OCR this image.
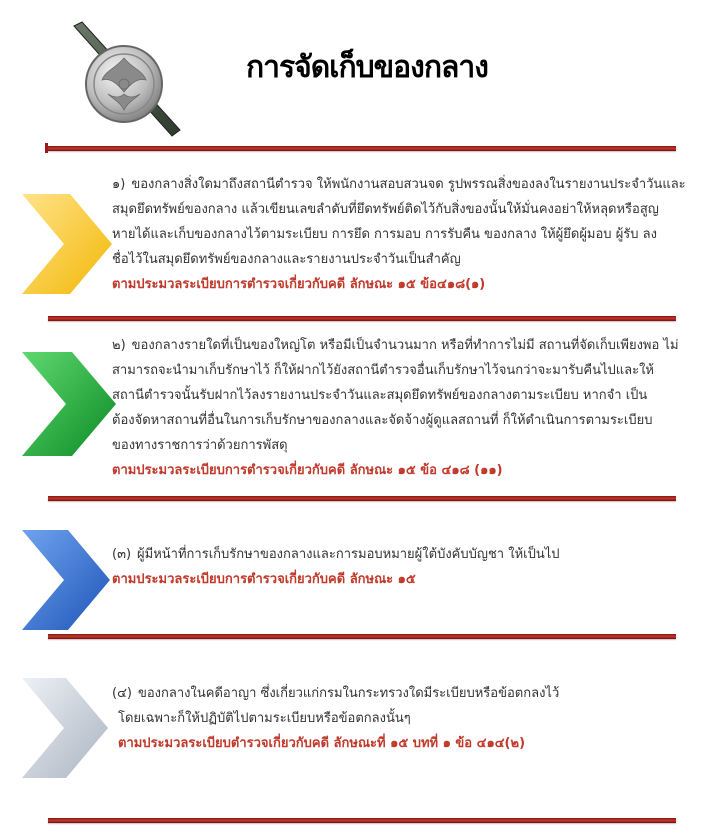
การจัดเก็บของกลาง
๑) ของกลางสิ่งใดมาถึงสถานีตำรวจ ให้พนักงานสอบสวนจด รูปพรรณสิ่งของลงในรายงานประจำวันและ
สมุดยึดทรัพย์ของกลาง แล้วเขียนเลขลำดับที่ยึดทรัพย์ติดไว้กับสิ่งของนั้นให้มั่นคงอย่าให้หลุดหรือสูญ
หายได้และเก็บของกลางไว้ตามระเบียบ การยึด การมอบ การรับคืน ของกลาง ให้ผู้ยึดผู้มอบ ผู้รับ ลง
ชื่อไว้ในสมุดยึดทรัพย์ของกลางและรายงานประจำวันเป็นสำคัญ
ตามประมวลระเบียบการตำรวจเกี่ยวกับคดี ลักษณะ ๑๕ ข้อ๔๑๘(๑)
๒) ของกลางรายใดที่เป็นของใหญ่โต หรือมีเป็นจำนวนมาก หรือที่ทำการไม่มี สถานที่จัดเก็บเพียงพอ ไม่
สามารถจะนำมาเก็บรักษาไว้ ก็ให้ฝากไว้ยังสถานีตำรวจอื่นเก็บรักษาไว้จนกว่าจะมารับคืนไปและให้
สถานีตำรวจนั้นรับฝากไว้ลงรายงานประจำวันและสมุดยึดทรัพย์ของกลางตามระเบียบ หากจำ เป็น
ต้องจัดหาสถานที่อื่นในการเก็บรักษาของกลางและจัดจ้างผู้ดูแลสถานที่ ก็ให้ดำเนินการตามระเบียบ
ของทางราชการว่าด้วยการพัสดุ
ตามประมวลระเบียบการตำรวจเกี่ยวกับคดี ลักษณะ ๑๕ ข้อ ๔๑๘ (๑๑)
(๓) ผู้มีหน้าที่การเก็บรักษาของกลางและการมอบหมายผู้ใต้บังคับบัญชา ให้เป็นไป
ตามประมวลระเบียบการตำรวจเกี่ยวกับคดี ลักษณะ ๑๕
(๔) ของกลางในคดีอาญา ซึ่งเกี่ยวแก่กรมในกระทรวงใดมีระเบียบหรือข้อตกลงไว้
โดยเฉพาะก็ให้ปฏิบัติไปตามระเบียบหรือข้อตกลงนั้นๆ
ตามประมวลระเบียบตำรวจเกี่ยวกับคดี ลักษณะที่ ๑๕ บทที่ ๑ ข้อ ๔๑๔(๒)
